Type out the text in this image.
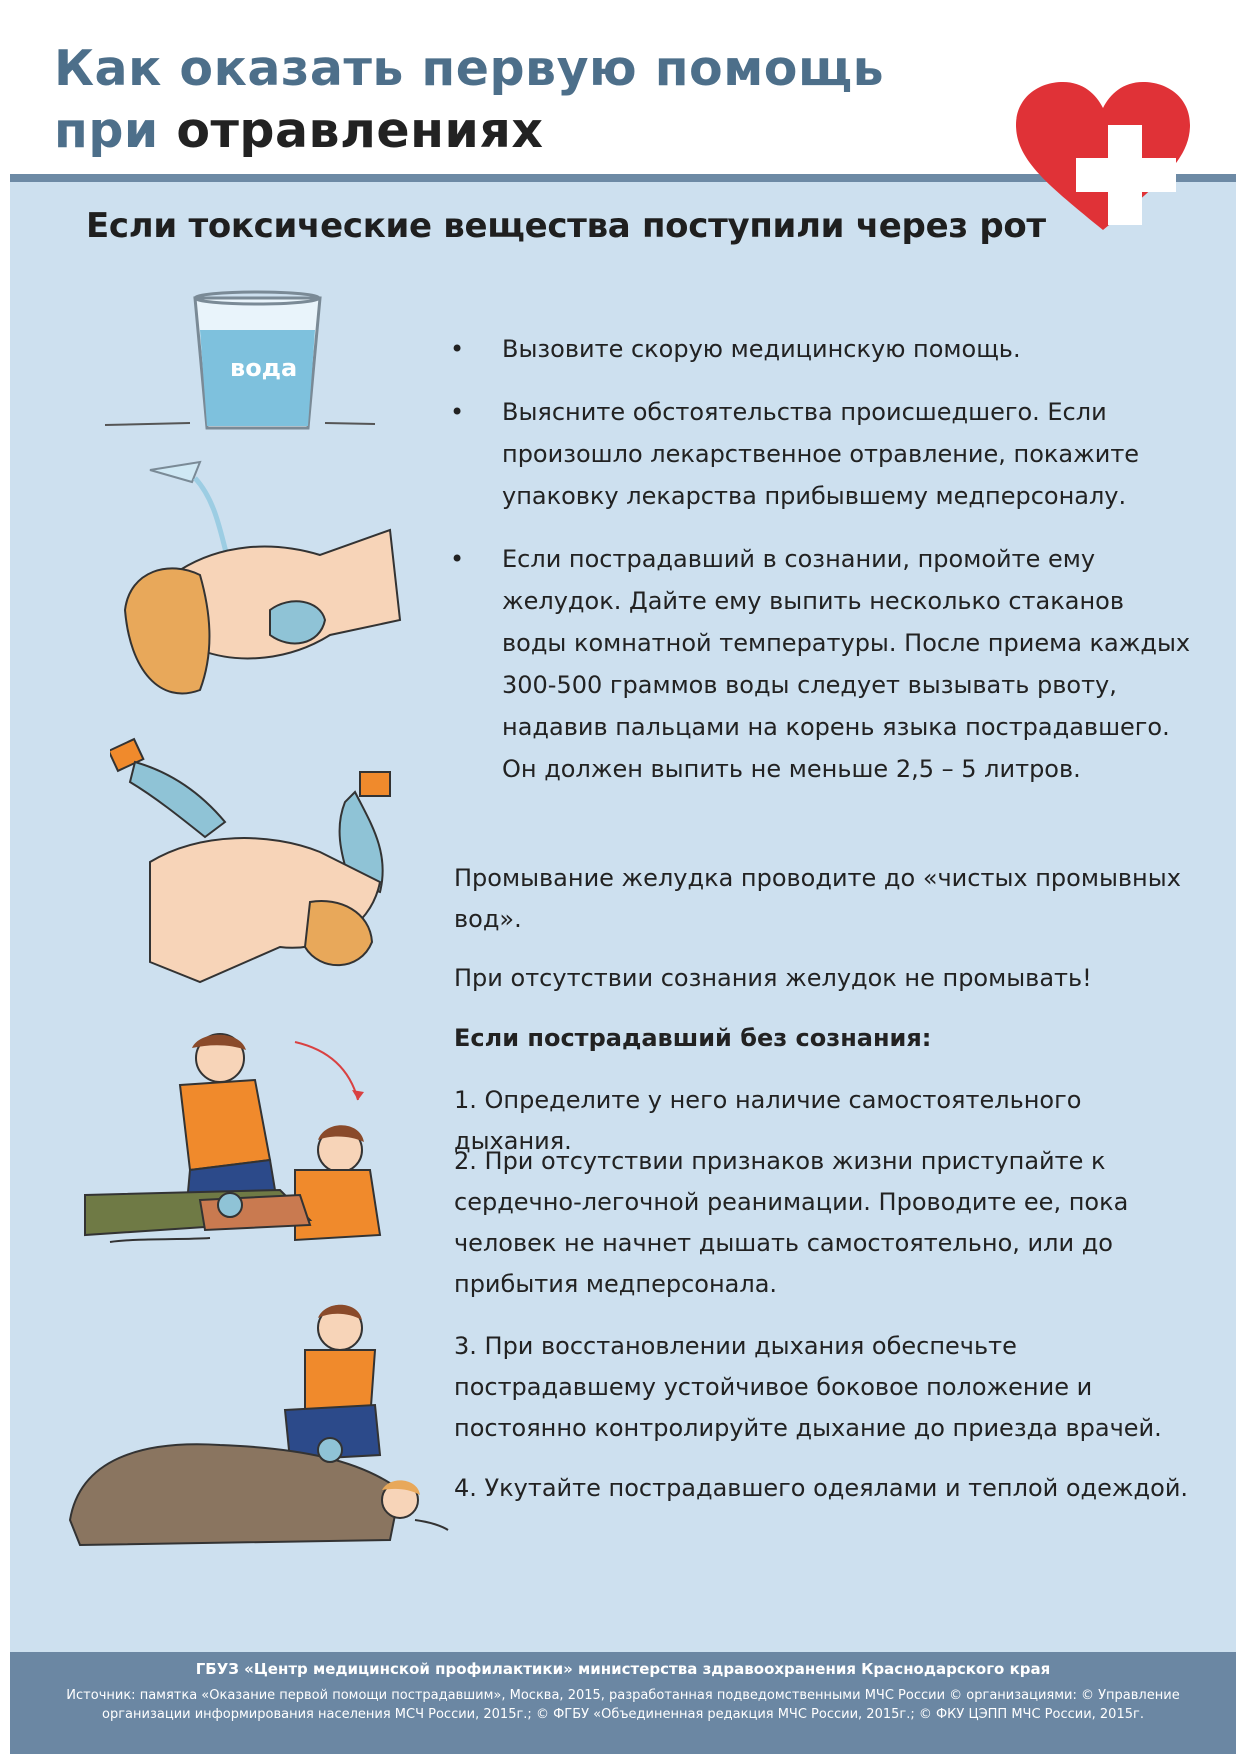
Как оказать первую помощь
при отравлениях
Если токсические вещества поступили через рот
вода
• Вызовите скорую медицинскую помощь.
• Выясните обстоятельства происшедшего. Если произошло лекарственное отравление, покажите упаковку лекарства прибывшему медперсоналу.
• Если пострадавший в сознании, промойте ему желудок. Дайте ему выпить несколько стаканов воды комнатной температуры. После приема каждых 300-500 граммов воды следует вызывать рвоту, надавив пальцами на корень языка пострадавшего. Он должен выпить не меньше 2,5 – 5 литров.
Промывание желудка проводите до «чистых промывных вод».
При отсутствии сознания желудок не промывать!
Если пострадавший без сознания:
1. Определите у него наличие самостоятельного дыхания.
2. При отсутствии признаков жизни приступайте к сердечно-легочной реанимации. Проводите ее, пока человек не начнет дышать самостоятельно, или до прибытия медперсонала.
3. При восстановлении дыхания обеспечьте пострадавшему устойчивое боковое положение и постоянно контролируйте дыхание до приезда врачей.
4. Укутайте пострадавшего одеялами и теплой одеждой.
ГБУЗ «Центр медицинской профилактики» министерства здравоохранения Краснодарского края
Источник: памятка «Оказание первой помощи пострадавшим», Москва, 2015, разработанная подведомственными МЧС России © организациями: © Управление организации информирования населения МСЧ России, 2015г.; © ФГБУ «Объединенная редакция МЧС России, 2015г.; © ФКУ ЦЭПП МЧС России, 2015г.
